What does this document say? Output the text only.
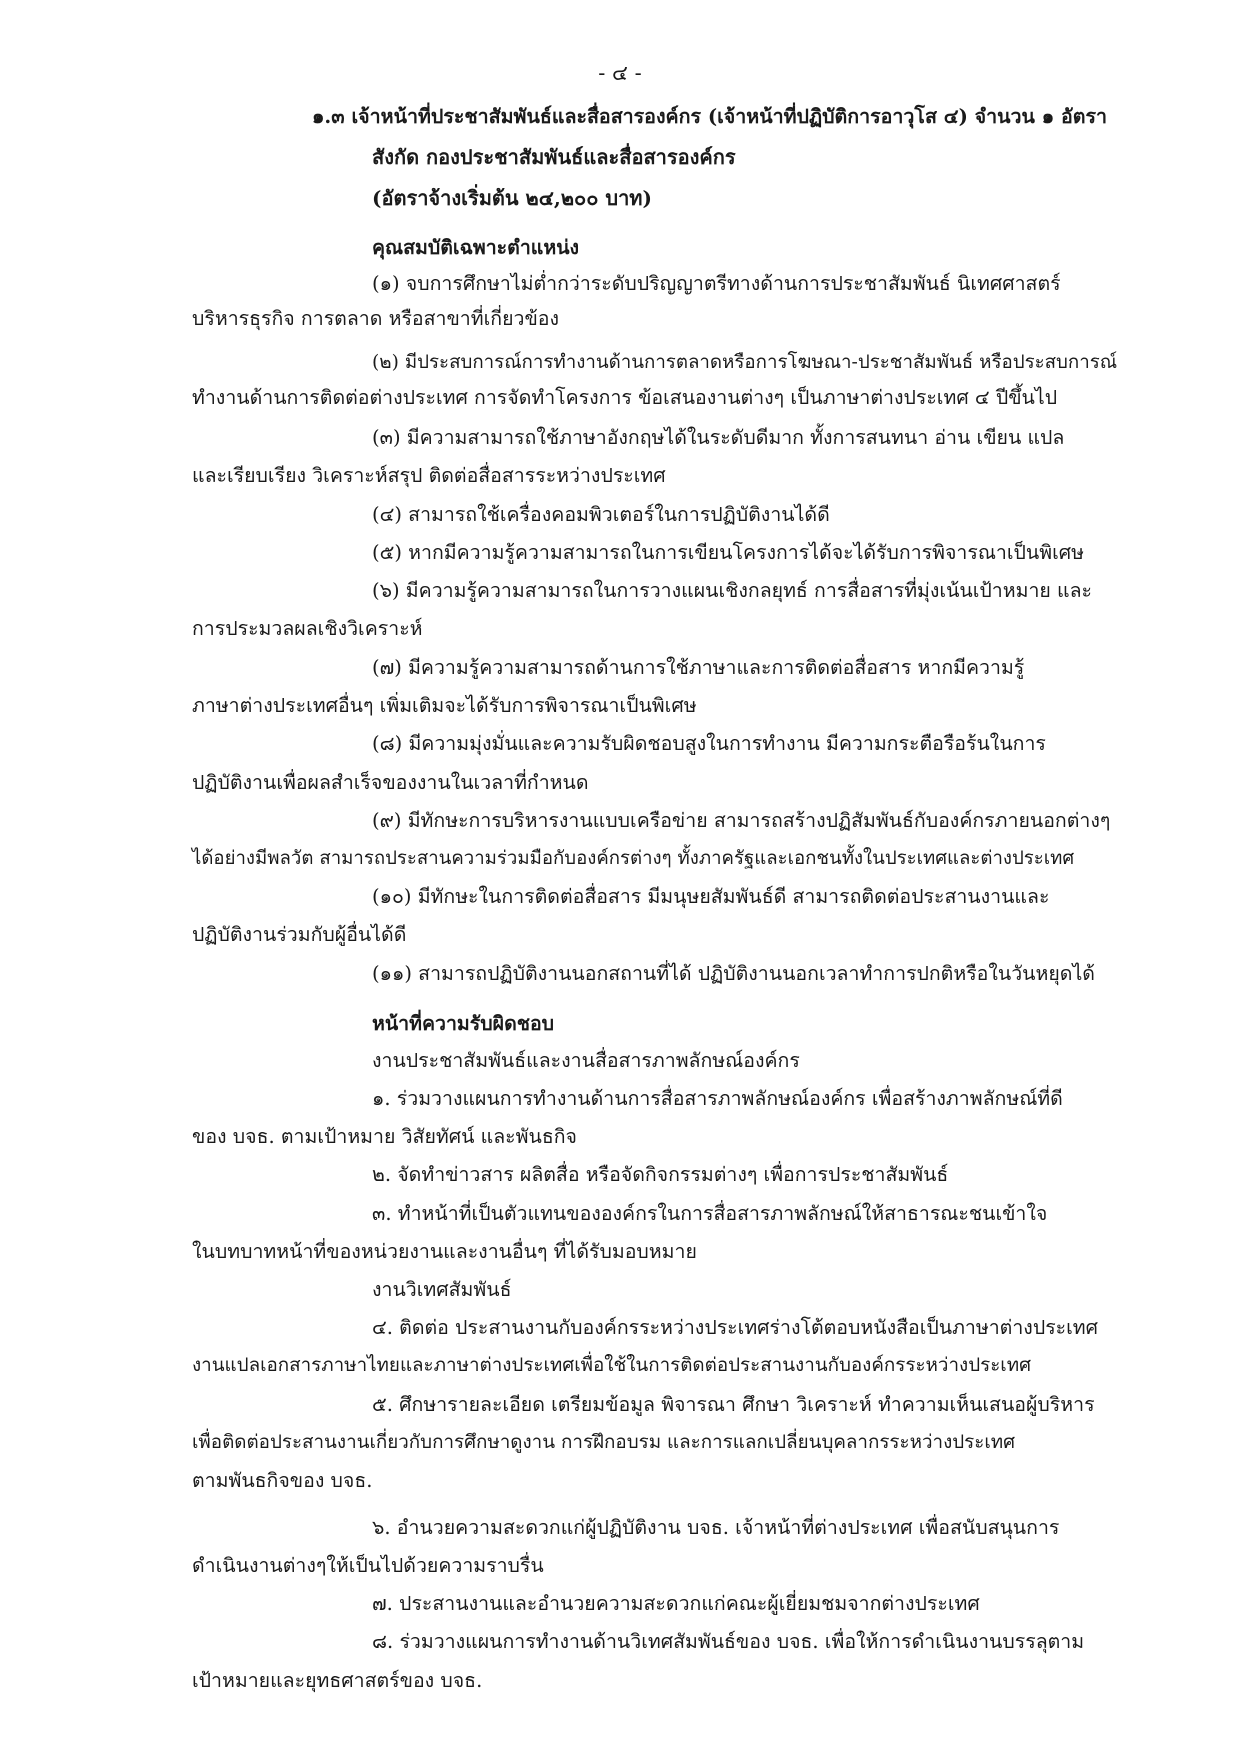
- ๔ -
๑.๓ เจ้าหน้าที่ประชาสัมพันธ์และสื่อสารองค์กร (เจ้าหน้าที่ปฏิบัติการอาวุโส ๔) จำนวน ๑ อัตรา
สังกัด กองประชาสัมพันธ์และสื่อสารองค์กร
(อัตราจ้างเริ่มต้น ๒๔,๒๐๐ บาท)
คุณสมบัติเฉพาะตำแหน่ง
(๑) จบการศึกษาไม่ต่ำกว่าระดับปริญญาตรีทางด้านการประชาสัมพันธ์ นิเทศศาสตร์
บริหารธุรกิจ การตลาด หรือสาขาที่เกี่ยวข้อง
(๒) มีประสบการณ์การทำงานด้านการตลาดหรือการโฆษณา-ประชาสัมพันธ์ หรือประสบการณ์
ทำงานด้านการติดต่อต่างประเทศ การจัดทำโครงการ ข้อเสนองานต่างๆ เป็นภาษาต่างประเทศ ๔ ปีขึ้นไป
(๓) มีความสามารถใช้ภาษาอังกฤษได้ในระดับดีมาก ทั้งการสนทนา อ่าน เขียน แปล
และเรียบเรียง วิเคราะห์สรุป ติดต่อสื่อสารระหว่างประเทศ
(๔) สามารถใช้เครื่องคอมพิวเตอร์ในการปฏิบัติงานได้ดี
(๕) หากมีความรู้ความสามารถในการเขียนโครงการได้จะได้รับการพิจารณาเป็นพิเศษ
(๖) มีความรู้ความสามารถในการวางแผนเชิงกลยุทธ์ การสื่อสารที่มุ่งเน้นเป้าหมาย และ
การประมวลผลเชิงวิเคราะห์
(๗) มีความรู้ความสามารถด้านการใช้ภาษาและการติดต่อสื่อสาร หากมีความรู้
ภาษาต่างประเทศอื่นๆ เพิ่มเติมจะได้รับการพิจารณาเป็นพิเศษ
(๘) มีความมุ่งมั่นและความรับผิดชอบสูงในการทำงาน มีความกระตือรือร้นในการ
ปฏิบัติงานเพื่อผลสำเร็จของงานในเวลาที่กำหนด
(๙) มีทักษะการบริหารงานแบบเครือข่าย สามารถสร้างปฏิสัมพันธ์กับองค์กรภายนอกต่างๆ
ได้อย่างมีพลวัต สามารถประสานความร่วมมือกับองค์กรต่างๆ ทั้งภาครัฐและเอกชนทั้งในประเทศและต่างประเทศ
(๑๐) มีทักษะในการติดต่อสื่อสาร มีมนุษยสัมพันธ์ดี สามารถติดต่อประสานงานและ
ปฏิบัติงานร่วมกับผู้อื่นได้ดี
(๑๑) สามารถปฏิบัติงานนอกสถานที่ได้ ปฏิบัติงานนอกเวลาทำการปกติหรือในวันหยุดได้
หน้าที่ความรับผิดชอบ
งานประชาสัมพันธ์และงานสื่อสารภาพลักษณ์องค์กร
๑. ร่วมวางแผนการทำงานด้านการสื่อสารภาพลักษณ์องค์กร เพื่อสร้างภาพลักษณ์ที่ดี
ของ บจธ. ตามเป้าหมาย วิสัยทัศน์ และพันธกิจ
๒. จัดทำข่าวสาร ผลิตสื่อ หรือจัดกิจกรรมต่างๆ เพื่อการประชาสัมพันธ์
๓. ทำหน้าที่เป็นตัวแทนขององค์กรในการสื่อสารภาพลักษณ์ให้สาธารณะชนเข้าใจ
ในบทบาทหน้าที่ของหน่วยงานและงานอื่นๆ ที่ได้รับมอบหมาย
งานวิเทศสัมพันธ์
๔. ติดต่อ ประสานงานกับองค์กรระหว่างประเทศร่างโต้ตอบหนังสือเป็นภาษาต่างประเทศ
งานแปลเอกสารภาษาไทยและภาษาต่างประเทศเพื่อใช้ในการติดต่อประสานงานกับองค์กรระหว่างประเทศ
๕. ศึกษารายละเอียด เตรียมข้อมูล พิจารณา ศึกษา วิเคราะห์ ทำความเห็นเสนอผู้บริหาร
เพื่อติดต่อประสานงานเกี่ยวกับการศึกษาดูงาน การฝึกอบรม และการแลกเปลี่ยนบุคลากรระหว่างประเทศ
ตามพันธกิจของ บจธ.
๖. อำนวยความสะดวกแก่ผู้ปฏิบัติงาน บจธ. เจ้าหน้าที่ต่างประเทศ เพื่อสนับสนุนการ
ดำเนินงานต่างๆให้เป็นไปด้วยความราบรื่น
๗. ประสานงานและอำนวยความสะดวกแก่คณะผู้เยี่ยมชมจากต่างประเทศ
๘. ร่วมวางแผนการทำงานด้านวิเทศสัมพันธ์ของ บจธ. เพื่อให้การดำเนินงานบรรลุตาม
เป้าหมายและยุทธศาสตร์ของ บจธ.
